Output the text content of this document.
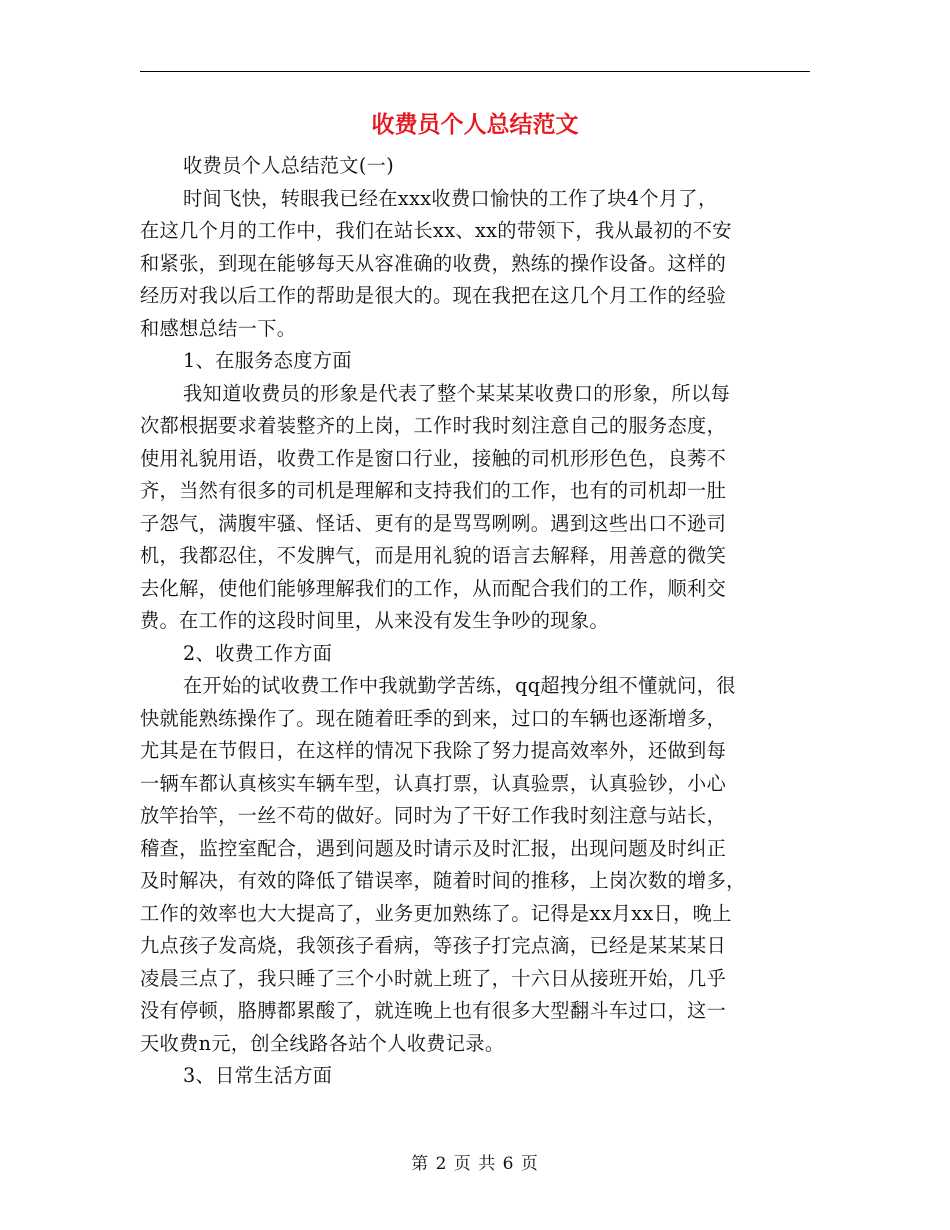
收费员个人总结范文
收费员个人总结范文(一)
时间飞快，转眼我已经在xxx收费口愉快的工作了块4个月了，
在这几个月的工作中，我们在站长xx、xx的带领下，我从最初的不安
和紧张，到现在能够每天从容准确的收费，熟练的操作设备。这样的
经历对我以后工作的帮助是很大的。现在我把在这几个月工作的经验
和感想总结一下。
1、在服务态度方面
我知道收费员的形象是代表了整个某某某收费口的形象，所以每
次都根据要求着装整齐的上岗，工作时我时刻注意自己的服务态度，
使用礼貌用语，收费工作是窗口行业，接触的司机形形色色，良莠不
齐，当然有很多的司机是理解和支持我们的工作，也有的司机却一肚
子怨气，满腹牢骚、怪话、更有的是骂骂咧咧。遇到这些出口不逊司
机，我都忍住，不发脾气，而是用礼貌的语言去解释，用善意的微笑
去化解，使他们能够理解我们的工作，从而配合我们的工作，顺利交
费。在工作的这段时间里，从来没有发生争吵的现象。
2、收费工作方面
在开始的试收费工作中我就勤学苦练，qq超拽分组不懂就问，很
快就能熟练操作了。现在随着旺季的到来，过口的车辆也逐渐增多，
尤其是在节假日，在这样的情况下我除了努力提高效率外，还做到每
一辆车都认真核实车辆车型，认真打票，认真验票，认真验钞，小心
放竿抬竿，一丝不苟的做好。同时为了干好工作我时刻注意与站长，
稽查，监控室配合，遇到问题及时请示及时汇报，出现问题及时纠正
及时解决，有效的降低了错误率，随着时间的推移，上岗次数的增多，
工作的效率也大大提高了，业务更加熟练了。记得是xx月xx日，晚上
九点孩子发高烧，我领孩子看病，等孩子打完点滴，已经是某某某日
凌晨三点了，我只睡了三个小时就上班了，十六日从接班开始，几乎
没有停顿，胳膊都累酸了，就连晚上也有很多大型翻斗车过口，这一
天收费n元，创全线路各站个人收费记录。
3、日常生活方面
第 2 页 共 6 页
